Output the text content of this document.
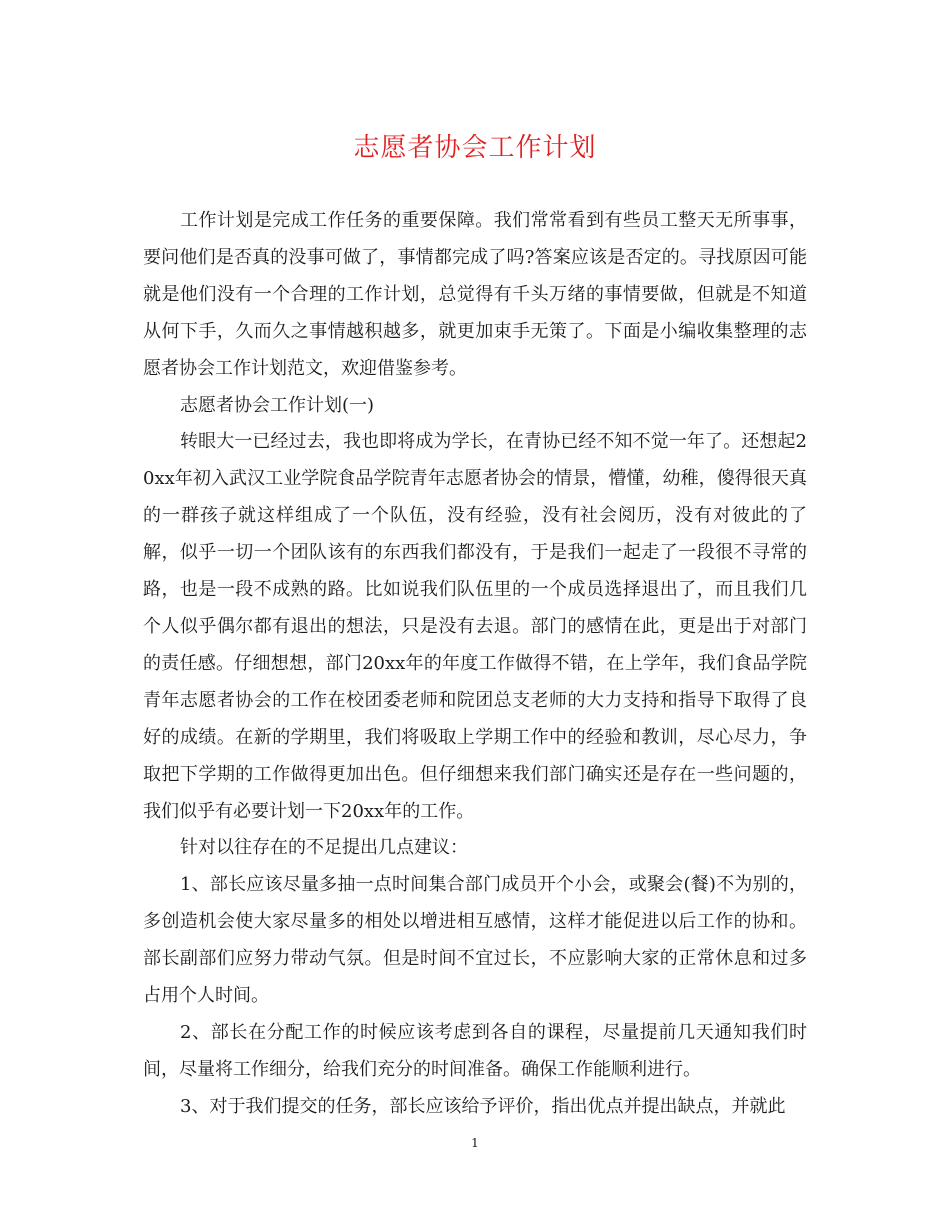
志愿者协会工作计划

工作计划是完成工作任务的重要保障。我们常常看到有些员工整天无所事事，要问他们是否真的没事可做了，事情都完成了吗?答案应该是否定的。寻找原因可能就是他们没有一个合理的工作计划，总觉得有千头万绪的事情要做，但就是不知道从何下手，久而久之事情越积越多，就更加束手无策了。下面是小编收集整理的志愿者协会工作计划范文，欢迎借鉴参考。

志愿者协会工作计划(一)

转眼大一已经过去，我也即将成为学长，在青协已经不知不觉一年了。还想起20xx年初入武汉工业学院食品学院青年志愿者协会的情景，懵懂，幼稚，傻得很天真的一群孩子就这样组成了一个队伍，没有经验，没有社会阅历，没有对彼此的了解，似乎一切一个团队该有的东西我们都没有，于是我们一起走了一段很不寻常的路，也是一段不成熟的路。比如说我们队伍里的一个成员选择退出了，而且我们几个人似乎偶尔都有退出的想法，只是没有去退。部门的感情在此，更是出于对部门的责任感。仔细想想，部门20xx年的年度工作做得不错，在上学年，我们食品学院青年志愿者协会的工作在校团委老师和院团总支老师的大力支持和指导下取得了良好的成绩。在新的学期里，我们将吸取上学期工作中的经验和教训，尽心尽力，争取把下学期的工作做得更加出色。但仔细想来我们部门确实还是存在一些问题的，我们似乎有必要计划一下20xx年的工作。

针对以往存在的不足提出几点建议：

1、部长应该尽量多抽一点时间集合部门成员开个小会，或聚会(餐)不为别的，多创造机会使大家尽量多的相处以增进相互感情，这样才能促进以后工作的协和。部长副部们应努力带动气氛。但是时间不宜过长，不应影响大家的正常休息和过多占用个人时间。

2、部长在分配工作的时候应该考虑到各自的课程，尽量提前几天通知我们时间，尽量将工作细分，给我们充分的时间准备。确保工作能顺利进行。

3、对于我们提交的任务，部长应该给予评价，指出优点并提出缺点，并就此

1
